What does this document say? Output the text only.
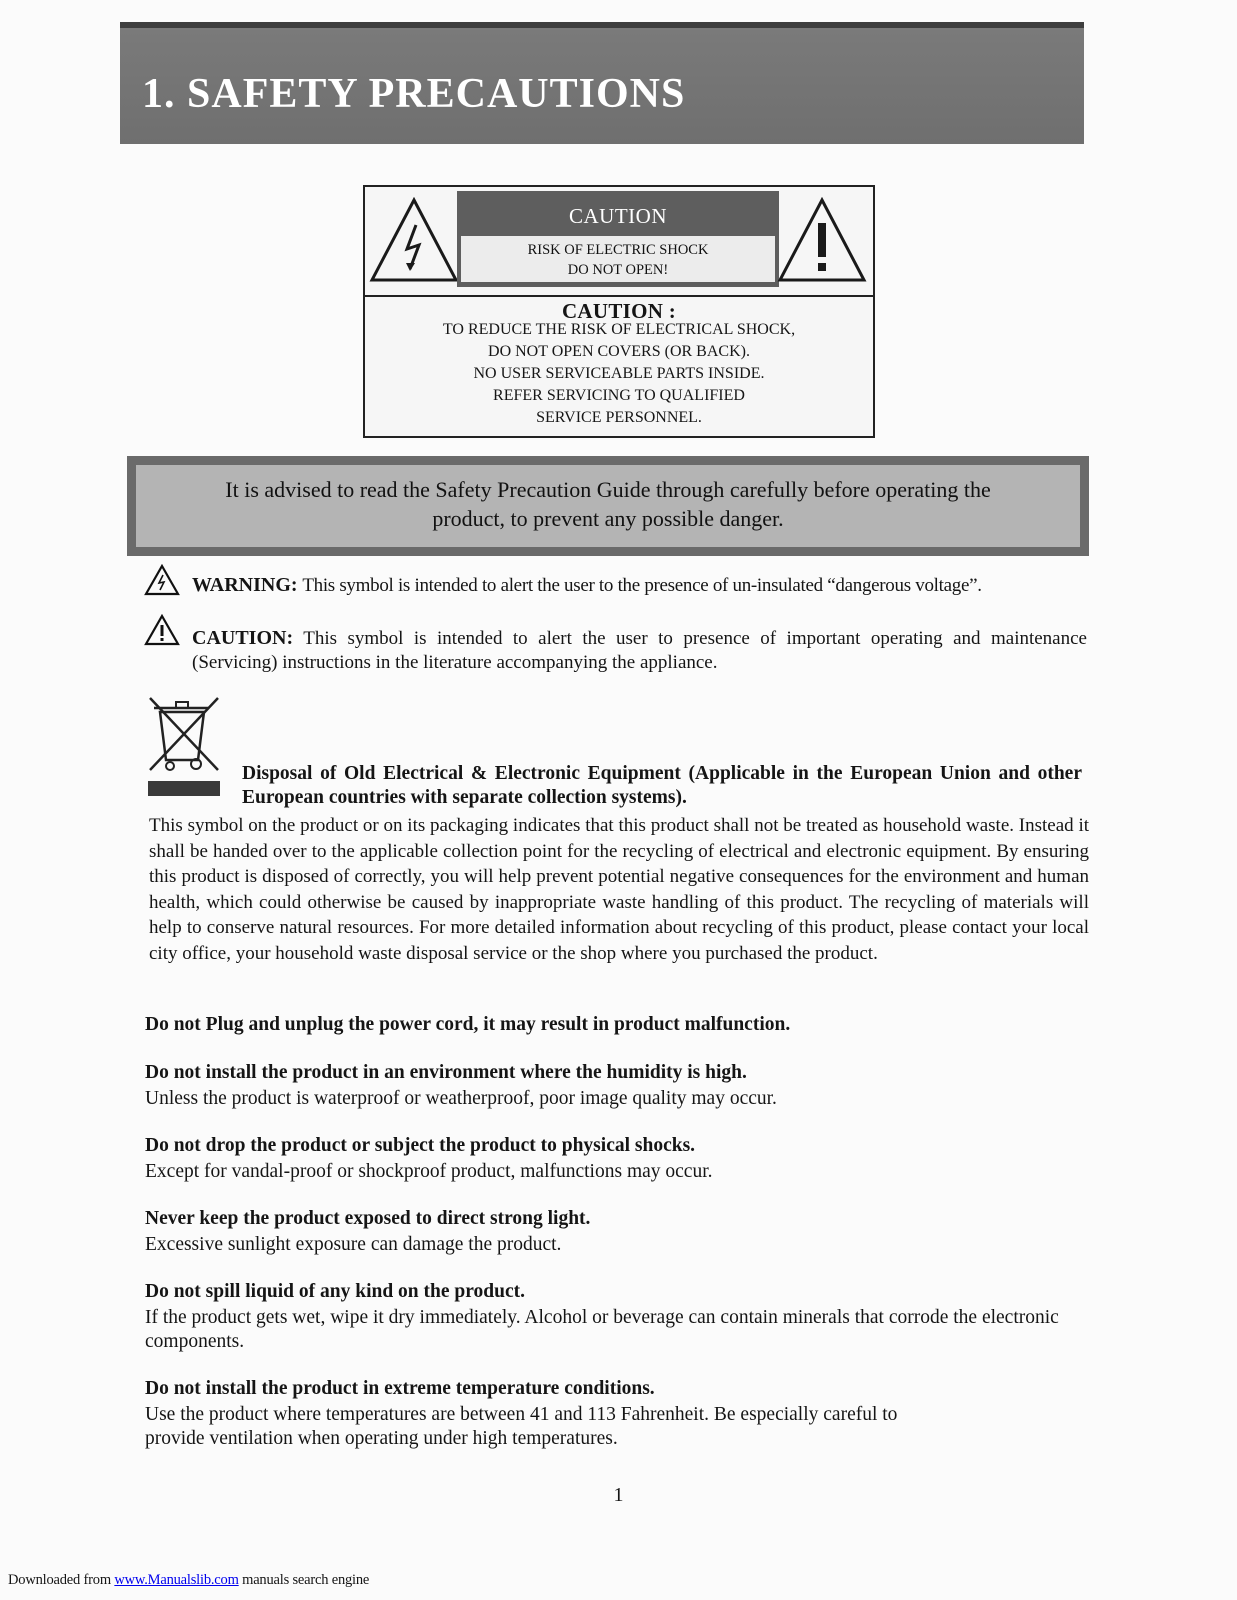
1. SAFETY PRECAUTIONS
CAUTION
RISK OF ELECTRIC SHOCK
DO NOT OPEN!
CAUTION :
TO REDUCE THE RISK OF ELECTRICAL SHOCK,
DO NOT OPEN COVERS (OR BACK).
NO USER SERVICEABLE PARTS INSIDE.
REFER SERVICING TO QUALIFIED
SERVICE PERSONNEL.
It is advised to read the Safety Precaution Guide through carefully before operating the
product, to prevent any possible danger.
WARNING: This symbol is intended to alert the user to the presence of un-insulated “dangerous voltage”.
CAUTION: This symbol is intended to alert the user to presence of important operating and maintenance (Servicing) instructions in the literature accompanying the appliance.
Disposal of Old Electrical & Electronic Equipment (Applicable in the European Union and other European countries with separate collection systems).
This symbol on the product or on its packaging indicates that this product shall not be treated as household waste. Instead it shall be handed over to the applicable collection point for the recycling of electrical and electronic equipment. By ensuring this product is disposed of correctly, you will help prevent potential negative consequences for the environment and human health, which could otherwise be caused by inappropriate waste handling of this product. The recycling of materials will help to conserve natural resources. For more detailed information about recycling of this product, please contact your local city office, your household waste disposal service or the shop where you purchased the product.
Do not Plug and unplug the power cord, it may result in product malfunction.
Do not install the product in an environment where the humidity is high.
Unless the product is waterproof or weatherproof, poor image quality may occur.
Do not drop the product or subject the product to physical shocks.
Except for vandal-proof or shockproof product, malfunctions may occur.
Never keep the product exposed to direct strong light.
Excessive sunlight exposure can damage the product.
Do not spill liquid of any kind on the product.
If the product gets wet, wipe it dry immediately. Alcohol or beverage can contain minerals that corrode the electronic components.
Do not install the product in extreme temperature conditions.
Use the product where temperatures are between 41 and 113 Fahrenheit. Be especially careful to provide ventilation when operating under high temperatures.
1
Downloaded from www.Manualslib.com manuals search engine
